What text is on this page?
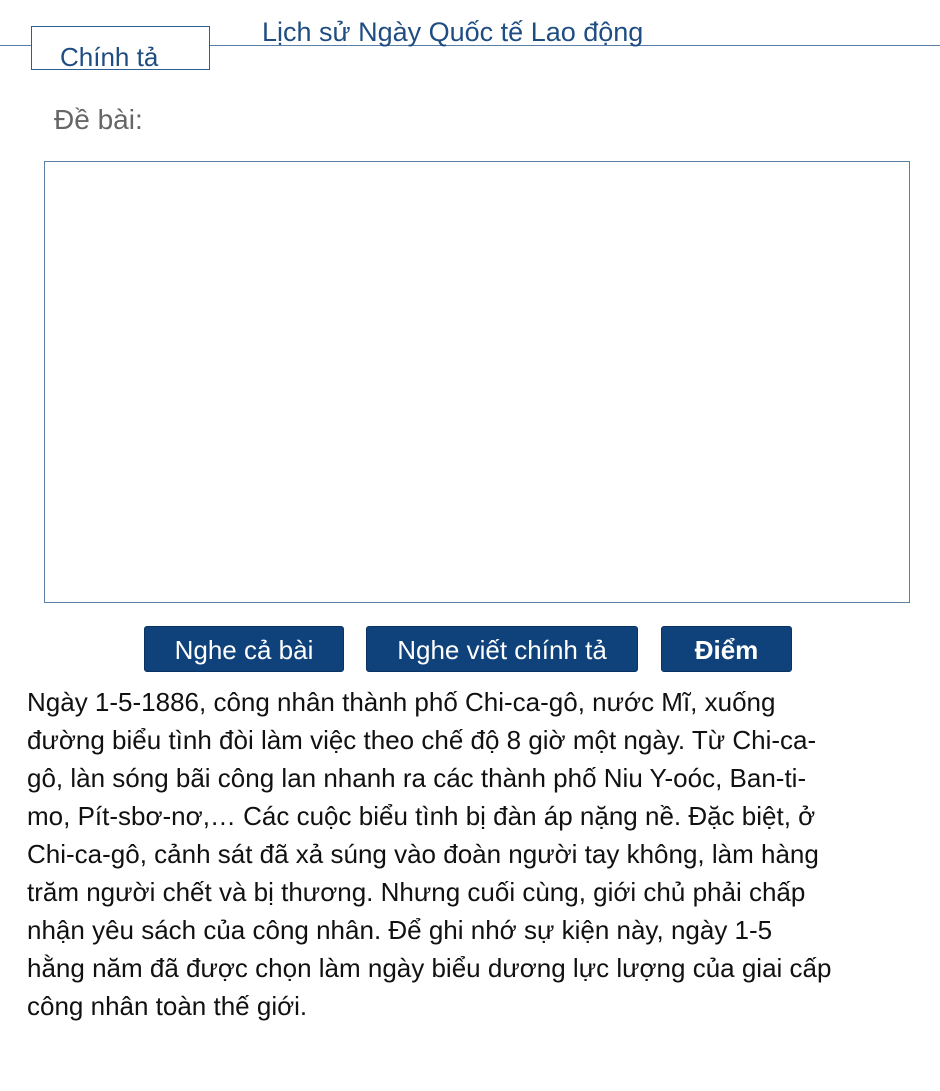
Chính tả
Lịch sử Ngày Quốc tế Lao động
Đề bài:
Nghe cả bài	Nghe viết chính tả	Điểm
Ngày 1-5-1886, công nhân thành phố Chi-ca-gô, nước Mĩ, xuống
đường biểu tình đòi làm việc theo chế độ 8 giờ một ngày. Từ Chi-ca-
gô, làn sóng bãi công lan nhanh ra các thành phố Niu Y-oóc, Ban-ti-
mo, Pít-sbơ-nơ,… Các cuộc biểu tình bị đàn áp nặng nề. Đặc biệt, ở
Chi-ca-gô, cảnh sát đã xả súng vào đoàn người tay không, làm hàng
trăm người chết và bị thương. Nhưng cuối cùng, giới chủ phải chấp
nhận yêu sách của công nhân. Để ghi nhớ sự kiện này, ngày 1-5
hằng năm đã được chọn làm ngày biểu dương lực lượng của giai cấp
công nhân toàn thế giới.
